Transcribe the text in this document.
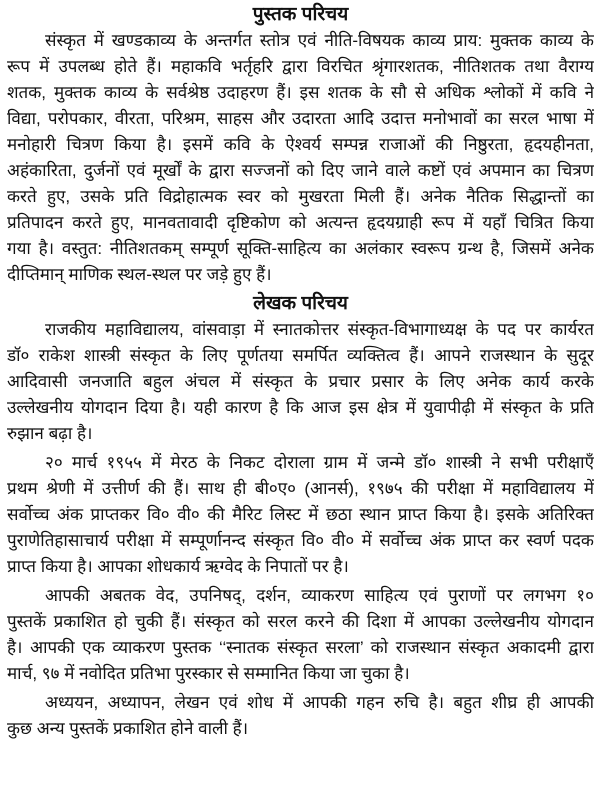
पुस्तक परिचय
संस्कृत में खण्डकाव्य के अन्तर्गत स्तोत्र एवं नीति-विषयक काव्य प्राय: मुक्तक काव्य के
रूप में उपलब्ध होते हैं। महाकवि भर्तृहरि द्वारा विरचित श्रृंगारशतक, नीतिशतक तथा वैराग्य
शतक, मुक्तक काव्य के सर्वश्रेष्ठ उदाहरण हैं। इस शतक के सौ से अधिक श्लोकों में कवि ने
विद्या, परोपकार, वीरता, परिश्रम, साहस और उदारता आदि उदात्त मनोभावों का सरल भाषा में
मनोहारी चित्रण किया है। इसमें कवि के ऐश्वर्य सम्पन्न राजाओं की निष्ठुरता, हृदयहीनता,
अहंकारिता, दुर्जनों एवं मूर्खों के द्वारा सज्जनों को दिए जाने वाले कष्टों एवं अपमान का चित्रण
करते हुए, उसके प्रति विद्रोहात्मक स्वर को मुखरता मिली हैं। अनेक नैतिक सिद्धान्तों का
प्रतिपादन करते हुए, मानवतावादी दृष्टिकोण को अत्यन्त हृदयग्राही रूप में यहाँ चित्रित किया
गया है। वस्तुत: नीतिशतकम् सम्पूर्ण सूक्ति-साहित्य का अलंकार स्वरूप ग्रन्थ है, जिसमें अनेक
दीप्तिमान् माणिक स्थल-स्थल पर जड़े हुए हैं।
लेखक परिचय
राजकीय महाविद्यालय, वांसवाड़ा में स्नातकोत्तर संस्कृत-विभागाध्यक्ष के पद पर कार्यरत
डॉ० राकेश शास्त्री संस्कृत के लिए पूर्णतया समर्पित व्यक्तित्व हैं। आपने राजस्थान के सुदूर
आदिवासी जनजाति बहुल अंचल में संस्कृत के प्रचार प्रसार के लिए अनेक कार्य करके
उल्लेखनीय योगदान दिया है। यही कारण है कि आज इस क्षेत्र में युवापीढ़ी में संस्कृत के प्रति
रुझान बढ़ा है।
२० मार्च १९५५ में मेरठ के निकट दोराला ग्राम में जन्मे डॉ० शास्त्री ने सभी परीक्षाएँ
प्रथम श्रेणी में उत्तीर्ण की हैं। साथ ही बी०ए० (आनर्स), १९७५ की परीक्षा में महाविद्यालय में
सर्वोच्च अंक प्राप्तकर वि० वी० की मैरिट लिस्ट में छठा स्थान प्राप्त किया है। इसके अतिरिक्त
पुराणेतिहासाचार्य परीक्षा में सम्पूर्णानन्द संस्कृत वि० वी० में सर्वोच्च अंक प्राप्त कर स्वर्ण पदक
प्राप्त किया है। आपका शोधकार्य ऋग्वेद के निपातों पर है।
आपकी अबतक वेद, उपनिषद्, दर्शन, व्याकरण साहित्य एवं पुराणों पर लगभग १०
पुस्तकें प्रकाशित हो चुकी हैं। संस्कृत को सरल करने की दिशा में आपका उल्लेखनीय योगदान
है। आपकी एक व्याकरण पुस्तक ‘‘स्नातक संस्कृत सरला’ को राजस्थान संस्कृत अकादमी द्वारा
मार्च, ९७ में नवोदित प्रतिभा पुरस्कार से सम्मानित किया जा चुका है।
अध्ययन, अध्यापन, लेखन एवं शोध में आपकी गहन रुचि है। बहुत शीघ्र ही आपकी
कुछ अन्य पुस्तकें प्रकाशित होने वाली हैं।
